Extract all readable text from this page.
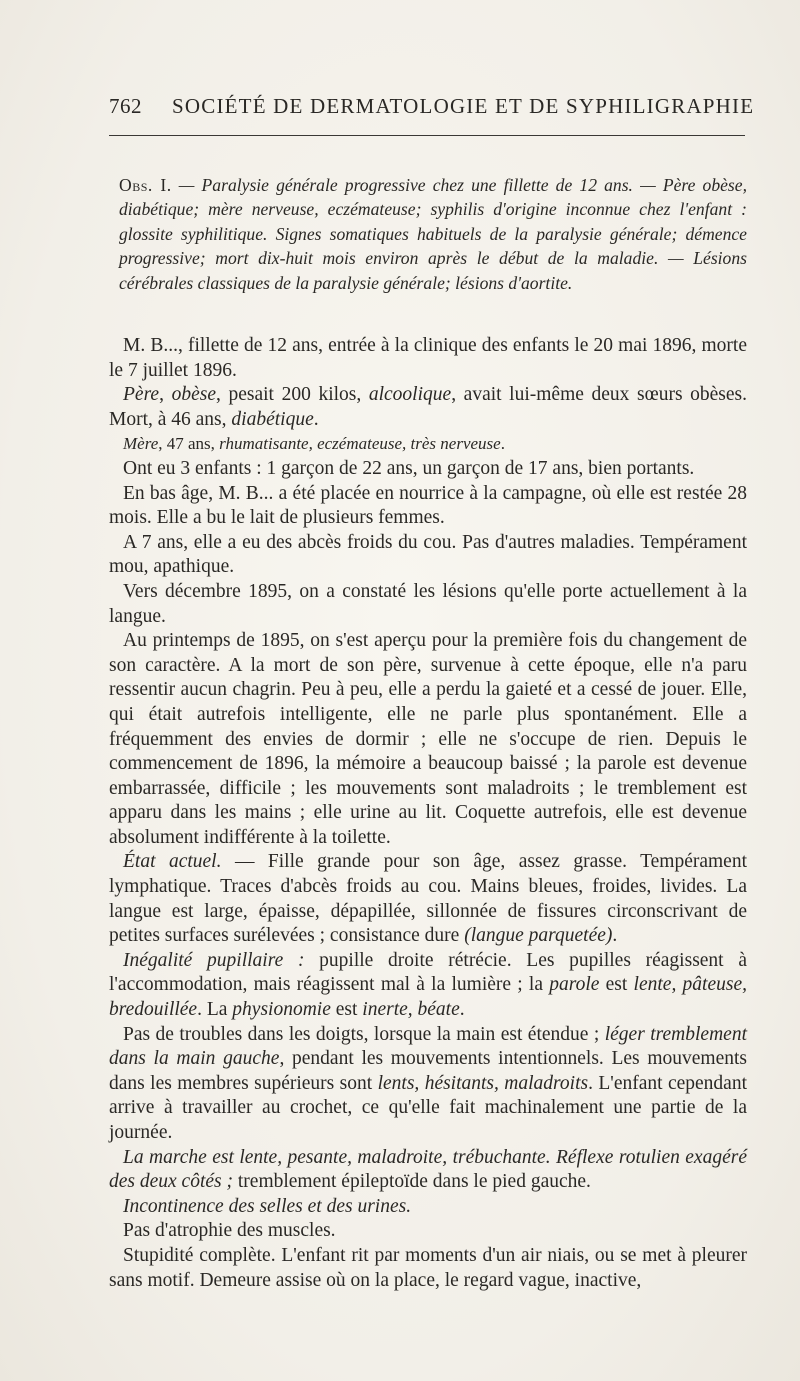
762 SOCIÉTÉ DE DERMATOLOGIE ET DE SYPHILIGRAPHIE
Obs. I. — Paralysie générale progressive chez une fillette de 12 ans. — Père obèse, diabétique; mère nerveuse, eczémateuse; syphilis d'origine inconnue chez l'enfant : glossite syphilitique. Signes somatiques habituels de la paralysie générale; démence progressive; mort dix-huit mois environ après le début de la maladie. — Lésions cérébrales classiques de la paralysie générale; lésions d'aortite.

M. B..., fillette de 12 ans, entrée à la clinique des enfants le 20 mai 1896, morte le 7 juillet 1896.

Père, obèse, pesait 200 kilos, alcoolique, avait lui-même deux sœurs obèses. Mort, à 46 ans, diabétique.

Mère, 47 ans, rhumatisante, eczémateuse, très nerveuse.

Ont eu 3 enfants : 1 garçon de 22 ans, un garçon de 17 ans, bien portants.

En bas âge, M. B... a été placée en nourrice à la campagne, où elle est restée 28 mois. Elle a bu le lait de plusieurs femmes.

A 7 ans, elle a eu des abcès froids du cou. Pas d'autres maladies. Tempérament mou, apathique.

Vers décembre 1895, on a constaté les lésions qu'elle porte actuellement à la langue.

Au printemps de 1895, on s'est aperçu pour la première fois du changement de son caractère. A la mort de son père, survenue à cette époque, elle n'a paru ressentir aucun chagrin. Peu à peu, elle a perdu la gaieté et a cessé de jouer. Elle, qui était autrefois intelligente, elle ne parle plus spontanément. Elle a fréquemment des envies de dormir ; elle ne s'occupe de rien. Depuis le commencement de 1896, la mémoire a beaucoup baissé ; la parole est devenue embarrassée, difficile ; les mouvements sont maladroits ; le tremblement est apparu dans les mains ; elle urine au lit. Coquette autrefois, elle est devenue absolument indifférente à la toilette.

État actuel. — Fille grande pour son âge, assez grasse. Tempérament lymphatique. Traces d'abcès froids au cou. Mains bleues, froides, livides. La langue est large, épaisse, dépapillée, sillonnée de fissures circonscrivant de petites surfaces surélevées ; consistance dure (langue parquetée).

Inégalité pupillaire : pupille droite rétrécie. Les pupilles réagissent à l'accommodation, mais réagissent mal à la lumière ; la parole est lente, pâteuse, bredouillée. La physionomie est inerte, béate.

Pas de troubles dans les doigts, lorsque la main est étendue ; léger tremblement dans la main gauche, pendant les mouvements intentionnels. Les mouvements dans les membres supérieurs sont lents, hésitants, maladroits. L'enfant cependant arrive à travailler au crochet, ce qu'elle fait machinalement une partie de la journée.

La marche est lente, pesante, maladroite, trébuchante. Réflexe rotulien exagéré des deux côtés ; tremblement épileptoïde dans le pied gauche.

Incontinence des selles et des urines.

Pas d'atrophie des muscles.

Stupidité complète. L'enfant rit par moments d'un air niais, ou se met à pleurer sans motif. Demeure assise où on la place, le regard vague, inactive,
